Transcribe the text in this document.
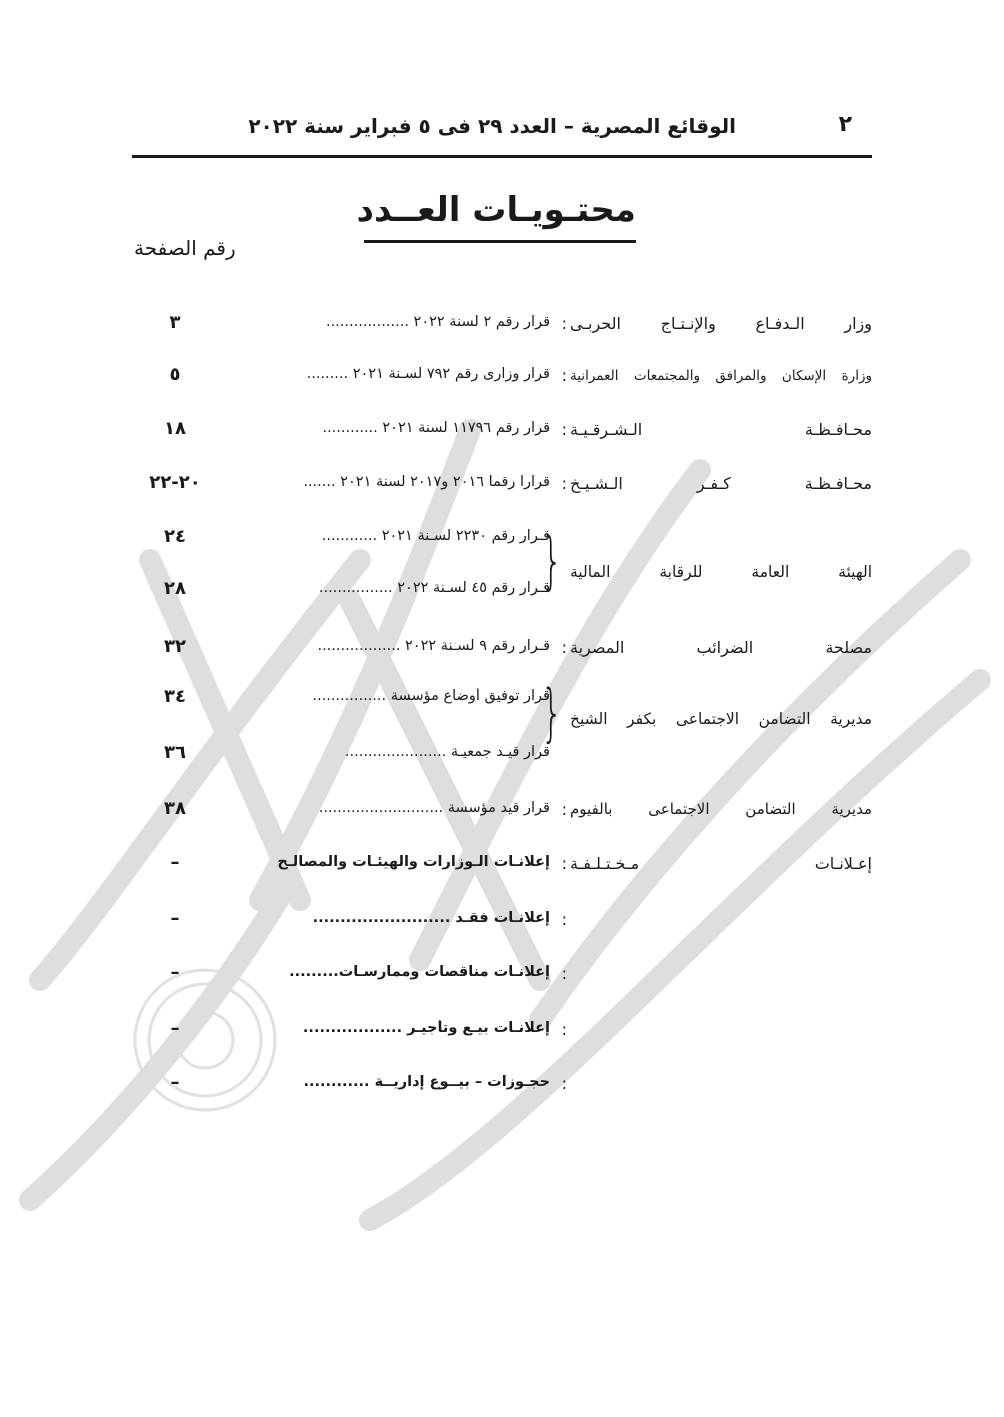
٢
الوقائع المصرية – العدد ٢٩ فى ٥ فبراير سنة ٢٠٢٢
محتـويـات العــدد
رقم الصفحة
وزار الـدفـاع والإنـتـاج الحربـى
:
قرار رقم ٢ لسنة ٢٠٢٢ ..................
٣
وزارة الإسكان والمرافق والمجتمعات العمرانية
:
قرار وزارى رقم ٧٩٢ لسـنة ٢٠٢١ .........
٥
محـافـظـة الـشـرقـيـة
:
قرار رقم ١١٧٩٦ لسنة ٢٠٢١ ............
١٨
محـافـظـة كـفـر الـشـيـخ
:
قرارا رقما ٢٠١٦ و٢٠١٧ لسنة ٢٠٢١ .......
٢٠-٢٢
الهيئة العامة للرقابة المالية
}
قـرار رقم ٢٢٣٠ لسـنة ٢٠٢١ ............
٢٤
قـرار رقم ٤٥ لسـنة ٢٠٢٢ ................
٢٨
مصلحة الضرائب المصرية
:
قـرار رقم ٩ لسـنة ٢٠٢٢ ..................
٣٢
مديرية التضامن الاجتماعى بكفر الشيخ
}
قرار توفيق أوضاع مؤسسة ................
٣٤
قرار قيـد جمعيـة ......................
٣٦
مديرية التضامن الاجتماعى بالفيوم
:
قرار قيد مؤسسة ...........................
٣٨
إعـلانـات مـخـتـلـفـة
:
إعلانـات الـوزارات والهيئـات والمصالـح
–
:
إعلانـات فقـد .........................
–
:
إعلانـات مناقصات وممارسـات.........
–
:
إعلانـات بيـع وتأجيـر ..................
–
:
حجـوزات – بيــوع إداريــة ............
–
